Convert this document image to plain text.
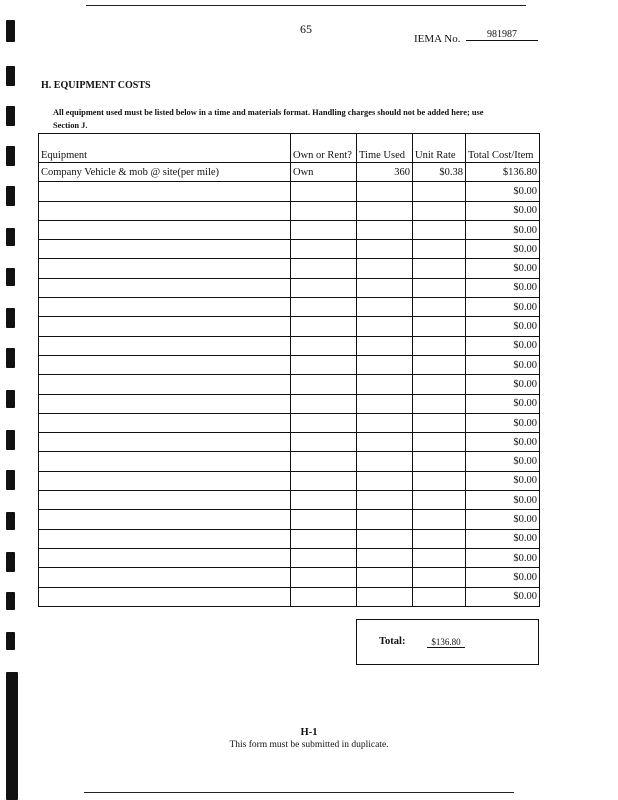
65
IEMA No.	981987
H. EQUIPMENT COSTS
All equipment used must be listed below in a time and materials format. Handling charges should not be added here; use Section J.
Equipment	Own or Rent?	Time Used	Unit Rate	Total Cost/Item
Company Vehicle & mob @ site(per mile)	Own	360	$0.38	$136.80
				$0.00
				$0.00
				$0.00
				$0.00
				$0.00
				$0.00
				$0.00
				$0.00
				$0.00
				$0.00
				$0.00
				$0.00
				$0.00
				$0.00
				$0.00
				$0.00
				$0.00
				$0.00
				$0.00
				$0.00
				$0.00
				$0.00
Total:	$136.80
H-1
This form must be submitted in duplicate.
